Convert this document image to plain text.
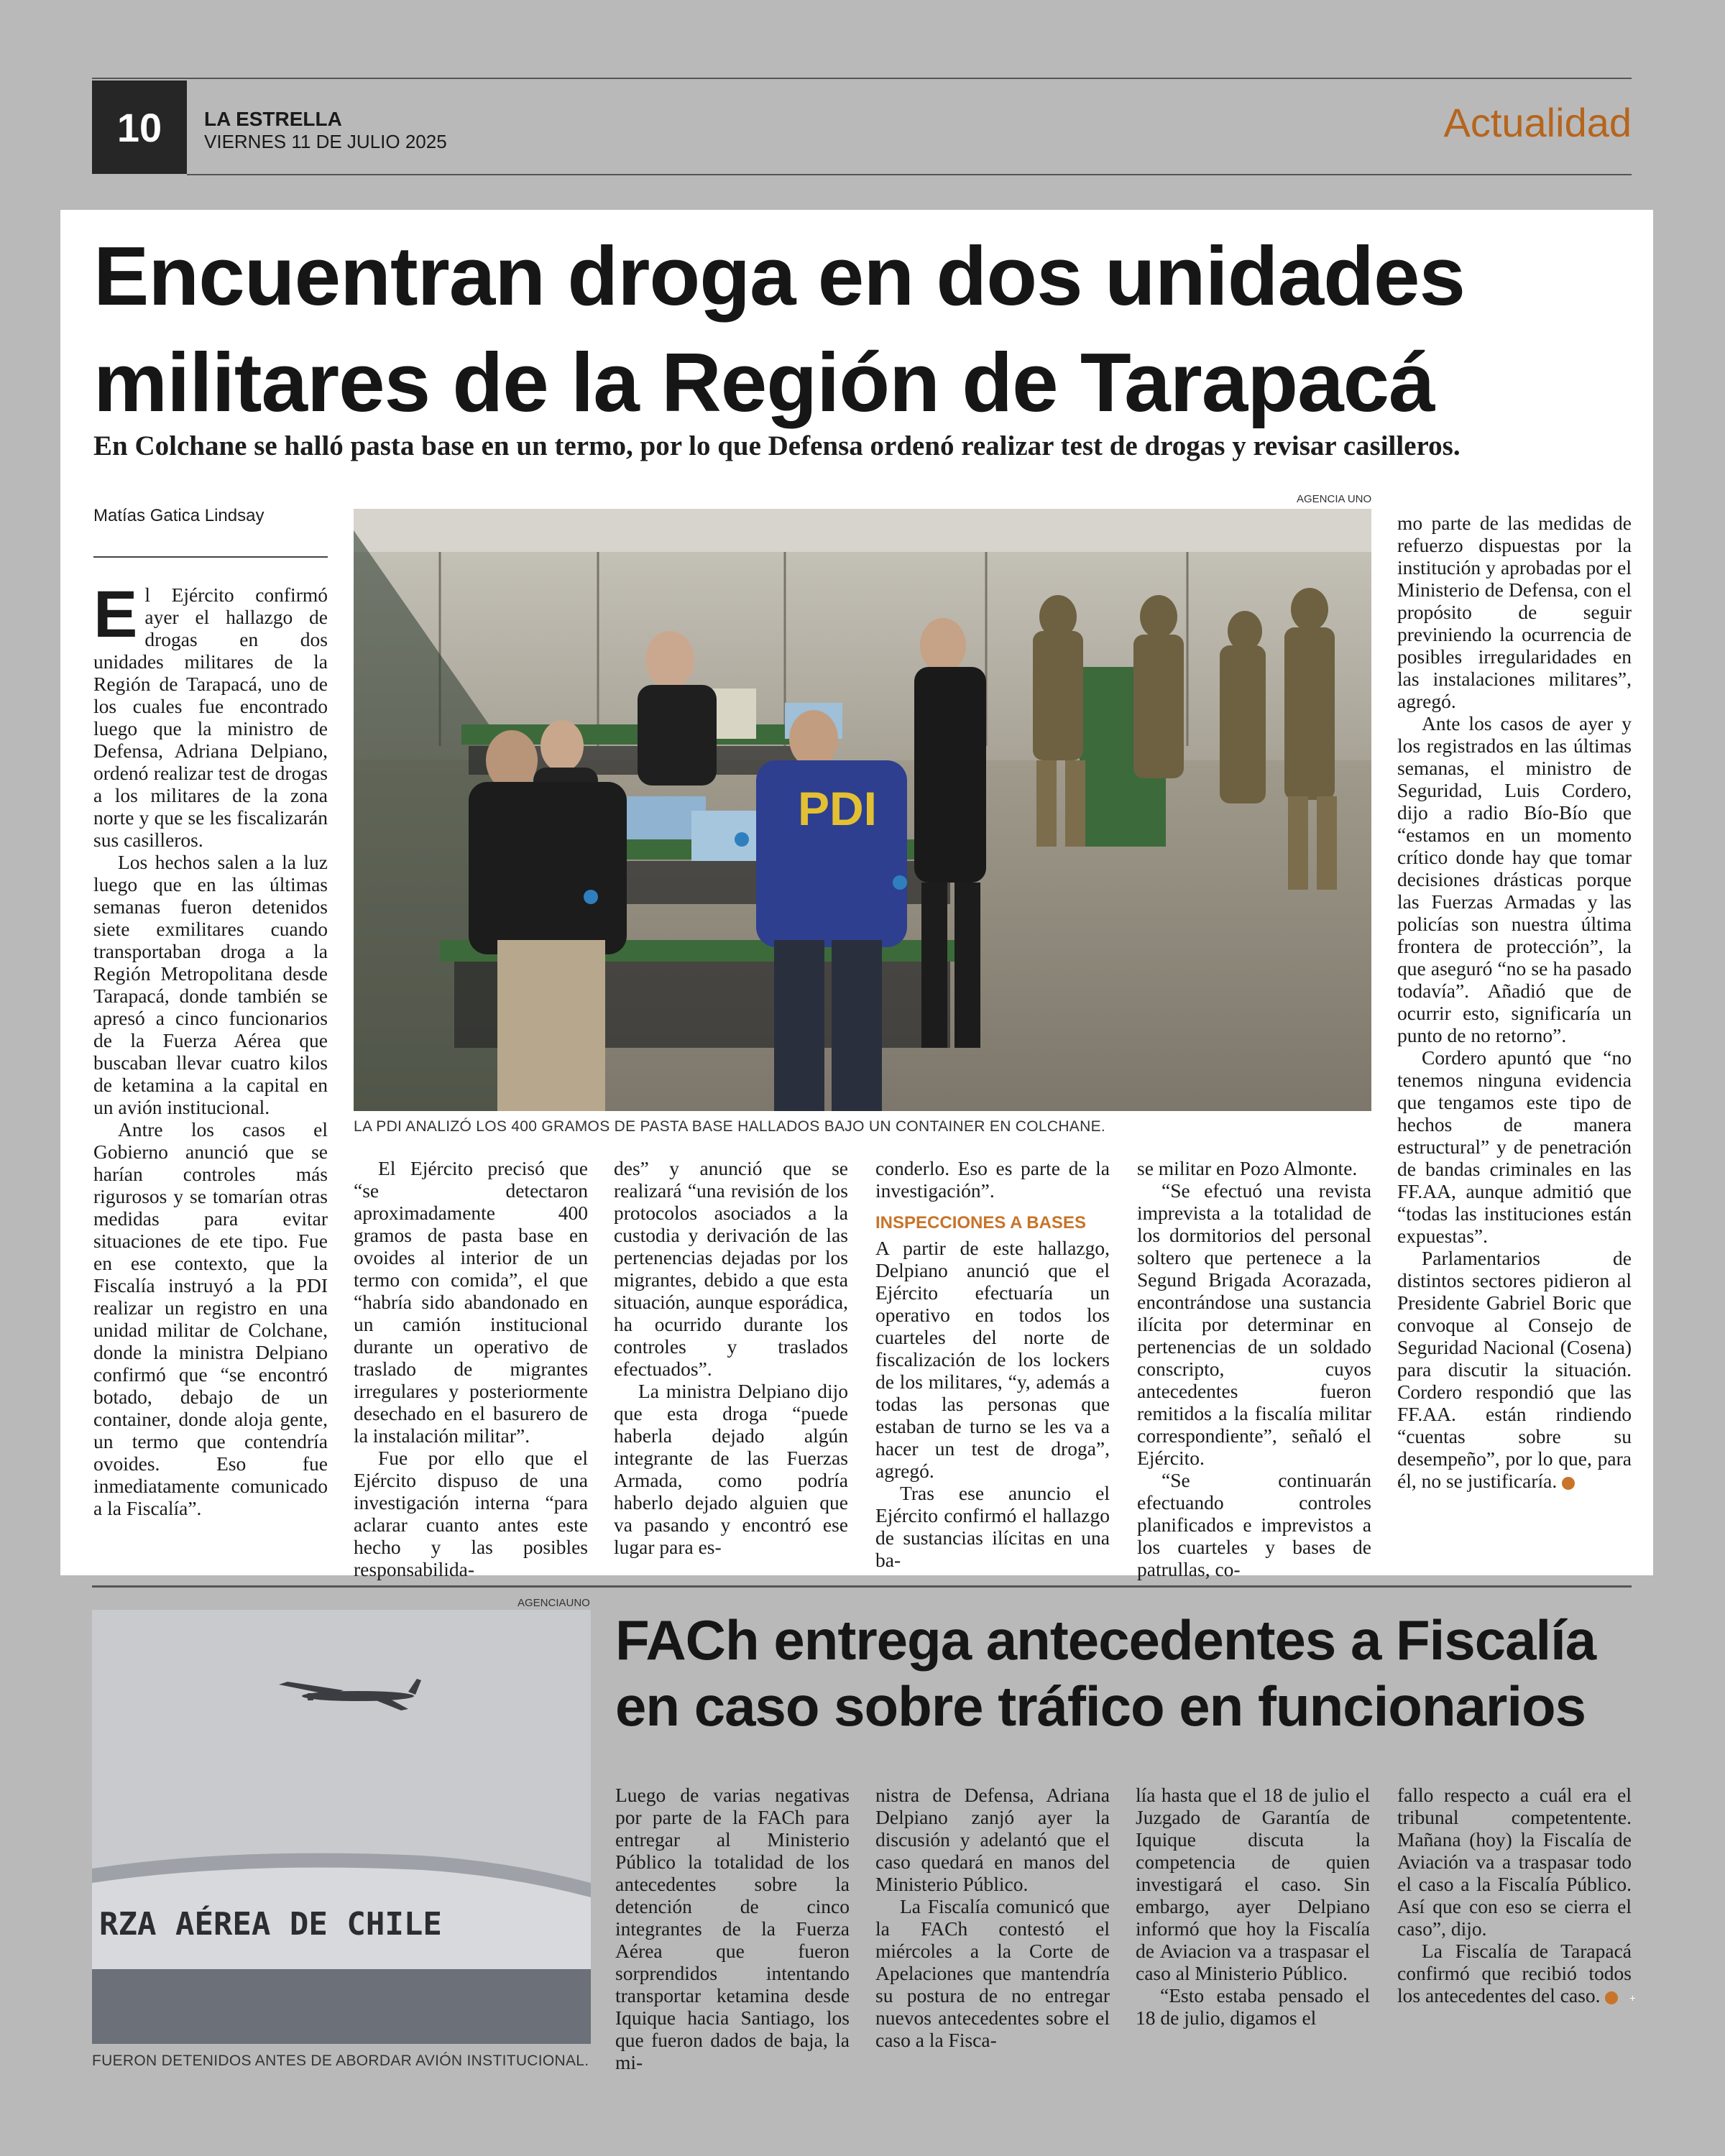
10	LA ESTRELLA
VIERNES 11 DE JULIO 2025	Actualidad
Encuentran droga en dos unidades militares de la Región de Tarapacá
En Colchane se halló pasta base en un termo, por lo que Defensa ordenó realizar test de drogas y revisar casilleros.
Matías Gatica Lindsay

El Ejército confirmó ayer el hallazgo de drogas en dos unidades militares de la Región de Tarapacá, uno de los cuales fue encontrado luego que la ministro de Defensa, Adriana Delpiano, ordenó realizar test de drogas a los militares de la zona norte y que se les fiscalizarán sus casilleros.

Los hechos salen a la luz luego que en las últimas semanas fueron detenidos siete exmilitares cuando transportaban droga a la Región Metropolitana desde Tarapacá, donde también se apresó a cinco funcionarios de la Fuerza Aérea que buscaban llevar cuatro kilos de ketamina a la capital en un avión institucional.

Antre los casos el Gobierno anunció que se harían controles más rigurosos y se tomarían otras medidas para evitar situaciones de ete tipo. Fue en ese contexto, que la Fiscalía instruyó a la PDI realizar un registro en una unidad militar de Colchane, donde la ministra Delpiano confirmó que “se encontró botado, debajo de un container, donde aloja gente, un termo que contendría ovoides. Eso fue inmediatamente comunicado a la Fiscalía”.

AGENCIA UNO
PDI
LA PDI ANALIZÓ LOS 400 GRAMOS DE PASTA BASE HALLADOS BAJO UN CONTAINER EN COLCHANE.

El Ejército precisó que “se detectaron aproximadamente 400 gramos de pasta base en ovoides al interior de un termo con comida”, el que “habría sido abandonado en un camión institucional durante un operativo de traslado de migrantes irregulares y posteriormente desechado en el basurero de la instalación militar”.

Fue por ello que el Ejército dispuso de una investigación interna “para aclarar cuanto antes este hecho y las posibles responsabilida-

des” y anunció que se realizará “una revisión de los protocolos asociados a la custodia y derivación de las pertenencias dejadas por los migrantes, debido a que esta situación, aunque esporádica, ha ocurrido durante los controles y traslados efectuados”.

La ministra Delpiano dijo que esta droga “puede haberla dejado algún integrante de las Fuerzas Armada, como podría haberlo dejado alguien que va pasando y encontró ese lugar para es-

conderlo. Eso es parte de la investigación”.

INSPECCIONES A BASES

A partir de este hallazgo, Delpiano anunció que el Ejército efectuaría un operativo en todos los cuarteles del norte de fiscalización de los lockers de los militares, “y, además a todas las personas que estaban de turno se les va a hacer un test de droga”, agregó.

Tras ese anuncio el Ejército confirmó el hallazgo de sustancias ilícitas en una ba-

se militar en Pozo Almonte.

“Se efectuó una revista imprevista a la totalidad de los dormitorios del personal soltero que pertenece a la Segund Brigada Acorazada, encontrándose una sustancia ilícita por determinar en pertenencias de un soldado conscripto, cuyos antecedentes fueron remitidos a la fiscalía militar correspondiente”, señaló el Ejército.

“Se continuarán efectuando controles planificados e imprevistos a los cuarteles y bases de patrullas, co-

mo parte de las medidas de refuerzo dispuestas por la institución y aprobadas por el Ministerio de Defensa, con el propósito de seguir previniendo la ocurrencia de posibles irregularidades en las instalaciones militares”, agregó.

Ante los casos de ayer y los registrados en las últimas semanas, el ministro de Seguridad, Luis Cordero, dijo a radio Bío-Bío que “estamos en un momento crítico donde hay que tomar decisiones drásticas porque las Fuerzas Armadas y las policías son nuestra última frontera de protección”, la que aseguró “no se ha pasado todavía”. Añadió que de ocurrir esto, significaría un punto de no retorno”.

Cordero apuntó que “no tenemos ninguna evidencia que tengamos este tipo de hechos de manera estructural” y de penetración de bandas criminales en las FF.AA, aunque admitió que “todas las instituciones están expuestas”.

Parlamentarios de distintos sectores pidieron al Presidente Gabriel Boric que convoque al Consejo de Seguridad Nacional (Cosena) para discutir la situación. Cordero respondió que las FF.AA. están rindiendo “cuentas sobre su desempeño”, por lo que, para él, no se justificaría.	+

AGENCIAUNO
RZA AÉREA DE CHILE
FUERON DETENIDOS ANTES DE ABORDAR AVIÓN INSTITUCIONAL.
FACh entrega antecedentes a Fiscalía en caso sobre tráfico en funcionarios

Luego de varias negativas por parte de la FACh para entregar al Ministerio Público la totalidad de los antecedentes sobre la detención de cinco integrantes de la Fuerza Aérea que fueron sorprendidos intentando transportar ketamina desde Iquique hacia Santiago, los que fueron dados de baja, la mi-

nistra de Defensa, Adriana Delpiano zanjó ayer la discusión y adelantó que el caso quedará en manos del Ministerio Público.

La Fiscalía comunicó que la FACh contestó el miércoles a la Corte de Apelaciones que mantendría su postura de no entregar nuevos antecedentes sobre el caso a la Fisca-

lía hasta que el 18 de julio el Juzgado de Garantía de Iquique discuta la competencia de quien investigará el caso. Sin embargo, ayer Delpiano informó que hoy la Fiscalía de Aviacion va a traspasar el caso al Ministerio Público.

“Esto estaba pensado el 18 de julio, digamos el

fallo respecto a cuál era el tribunal competentente. Mañana (hoy) la Fiscalía de Aviación va a traspasar todo el caso a la Fiscalía Público. Así que con eso se cierra el caso”, dijo.

La Fiscalía de Tarapacá confirmó que recibió todos los antecedentes del caso.	+
